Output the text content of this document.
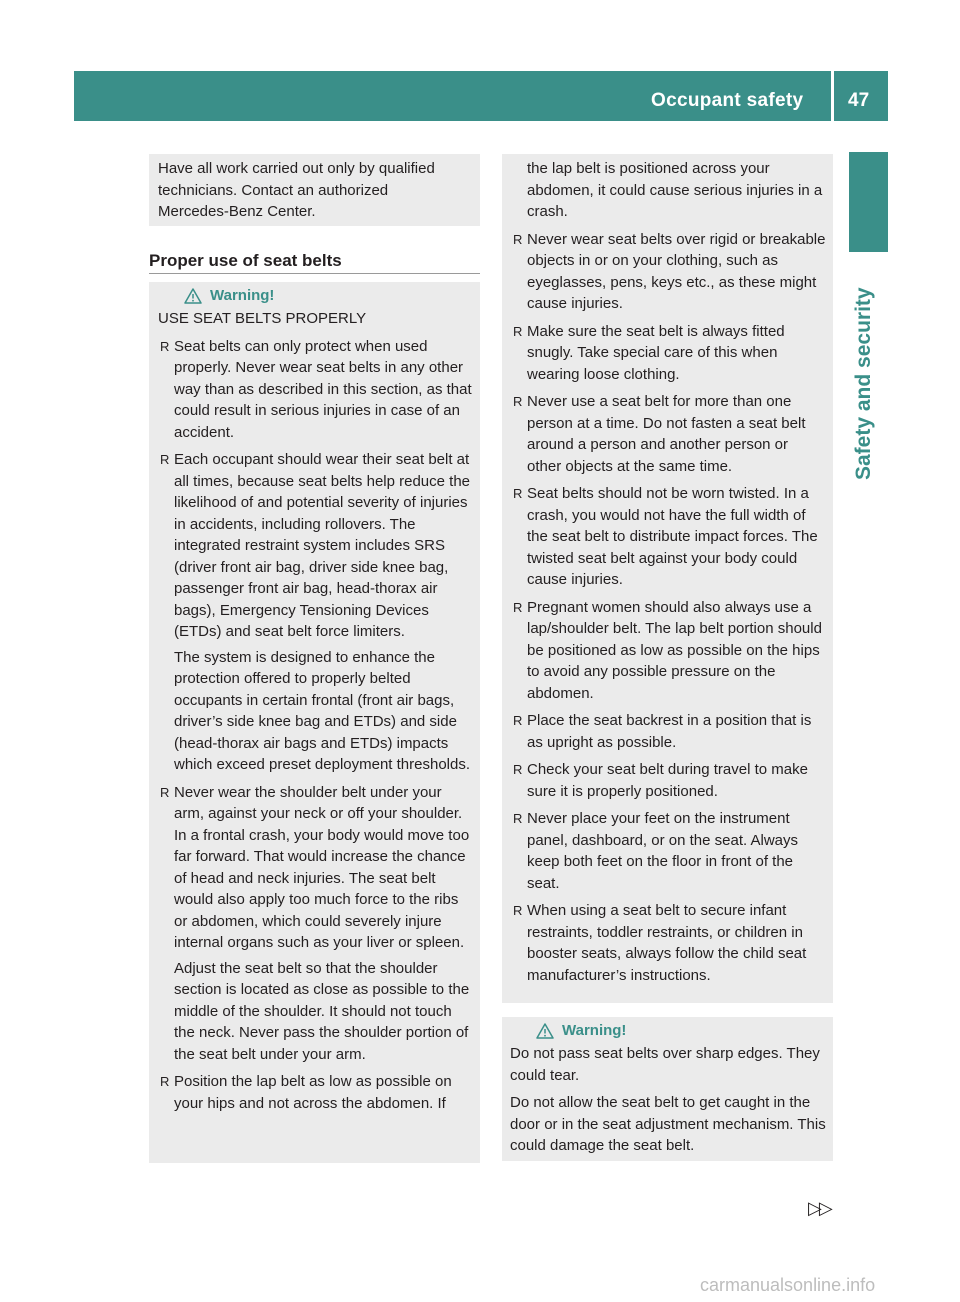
Occupant safety 47
Safety and security

Have all work carried out only by qualified

technicians. Contact an authorized

Mercedes-Benz Center.

Proper use of seat belts
Warning!

USE SEAT BELTS PROPERLY

R Seat belts can only protect when used properly. Never wear seat belts in any other way than as described in this section, as that could result in serious injuries in case of an accident.
R Each occupant should wear their seat belt at all times, because seat belts help reduce the likelihood of and potential severity of injuries in accidents, including rollovers. The integrated restraint system includes SRS (driver front air bag, driver side knee bag, passenger front air bag, head-thorax air bags), Emergency Tensioning Devices (ETDs) and seat belt force limiters.
The system is designed to enhance the protection offered to properly belted occupants in certain frontal (front air bags, driver’s side knee bag and ETDs) and side (head-thorax air bags and ETDs) impacts which exceed preset deployment thresholds.
R Never wear the shoulder belt under your arm, against your neck or off your shoulder. In a frontal crash, your body would move too far forward. That would increase the chance of head and neck injuries. The seat belt would also apply too much force to the ribs or abdomen, which could severely injure internal organs such as your liver or spleen.
Adjust the seat belt so that the shoulder section is located as close as possible to the middle of the shoulder. It should not touch the neck. Never pass the shoulder portion of the seat belt under your arm.
R Position the lap belt as low as possible on your hips and not across the abdomen. If

the lap belt is positioned across your abdomen, it could cause serious injuries in a crash.

R Never wear seat belts over rigid or breakable objects in or on your clothing, such as eyeglasses, pens, keys etc., as these might cause injuries.
R Make sure the seat belt is always fitted snugly. Take special care of this when wearing loose clothing.
R Never use a seat belt for more than one person at a time. Do not fasten a seat belt around a person and another person or other objects at the same time.
R Seat belts should not be worn twisted. In a crash, you would not have the full width of the seat belt to distribute impact forces. The twisted seat belt against your body could cause injuries.
R Pregnant women should also always use a lap/shoulder belt. The lap belt portion should be positioned as low as possible on the hips to avoid any possible pressure on the abdomen.
R Place the seat backrest in a position that is as upright as possible.
R Check your seat belt during travel to make sure it is properly positioned.
R Never place your feet on the instrument panel, dashboard, or on the seat. Always keep both feet on the floor in front of the seat.
R When using a seat belt to secure infant restraints, toddler restraints, or children in booster seats, always follow the child seat manufacturer’s instructions.
Warning!

Do not pass seat belts over sharp edges. They could tear.

Do not allow the seat belt to get caught in the door or in the seat adjustment mechanism. This could damage the seat belt.

▷▷
carmanualsonline.info
